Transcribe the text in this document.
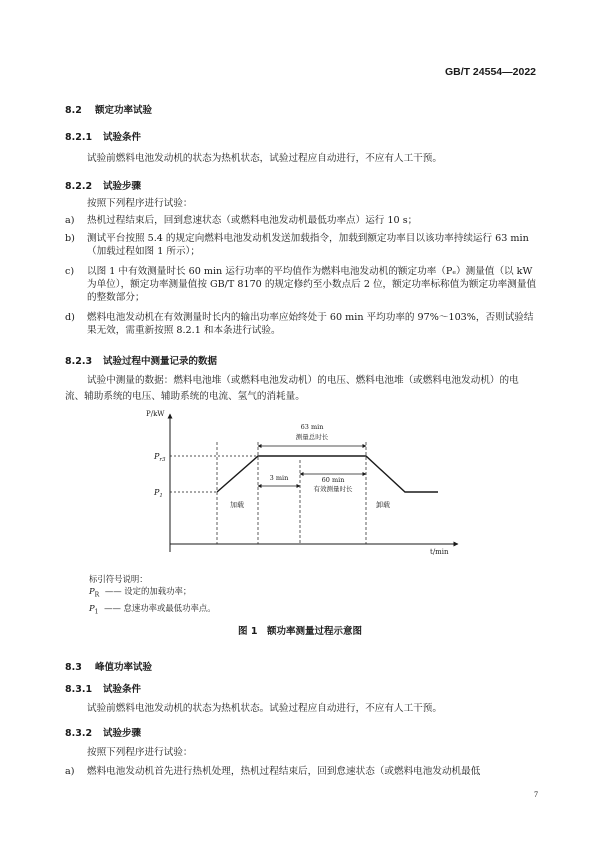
GB/T 24554—2022
8.2 额定功率试验
8.2.1 试验条件
试验前燃料电池发动机的状态为热机状态，试验过程应自动进行，不应有人工干预。
8.2.2 试验步骤
按照下列程序进行试验：
a)	热机过程结束后，回到怠速状态（或燃料电池发动机最低功率点）运行 10 s；
b)	测试平台按照 5.4 的规定向燃料电池发动机发送加载指令，加载到额定功率目以该功率持续运行 63 min（加载过程如图 1 所示）；
c)	以图 1 中有效测量时长 60 min 运行功率的平均值作为燃料电池发动机的额定功率（Pₑ）测量值（以 kW 为单位），额定功率测量值按 GB/T 8170 的规定修约至小数点后 2 位，额定功率标称值为额定功率测量值的整数部分；
d)	燃料电池发动机在有效测量时长内的输出功率应始终处于 60 min 平均功率的 97%～103%，否则试验结果无效，需重新按照 8.2.1 和本条进行试验。
8.2.3 试验过程中测量记录的数据
试验中测量的数据：燃料电池堆（或燃料电池发动机）的电压、燃料电池堆（或燃料电池发动机）的电
流、辅助系统的电压、辅助系统的电流、氢气的消耗量。
P/kW
t/min
$P_{r3}$
$P_1$
63 min
测量总时长
3 min	60 min
有效测量时长
加载	卸载
标引符号说明：
$P_R$ —— 设定的加载功率；
$P_1$ —— 怠速功率或最低功率点。
图 1　额功率测量过程示意图
8.3 峰值功率试验
8.3.1 试验条件
试验前燃料电池发动机的状态为热机状态。试验过程应自动进行，不应有人工干预。
8.3.2 试验步骤
按照下列程序进行试验：
a)	燃料电池发动机首先进行热机处理，热机过程结束后，回到怠速状态（或燃料电池发动机最低
7
